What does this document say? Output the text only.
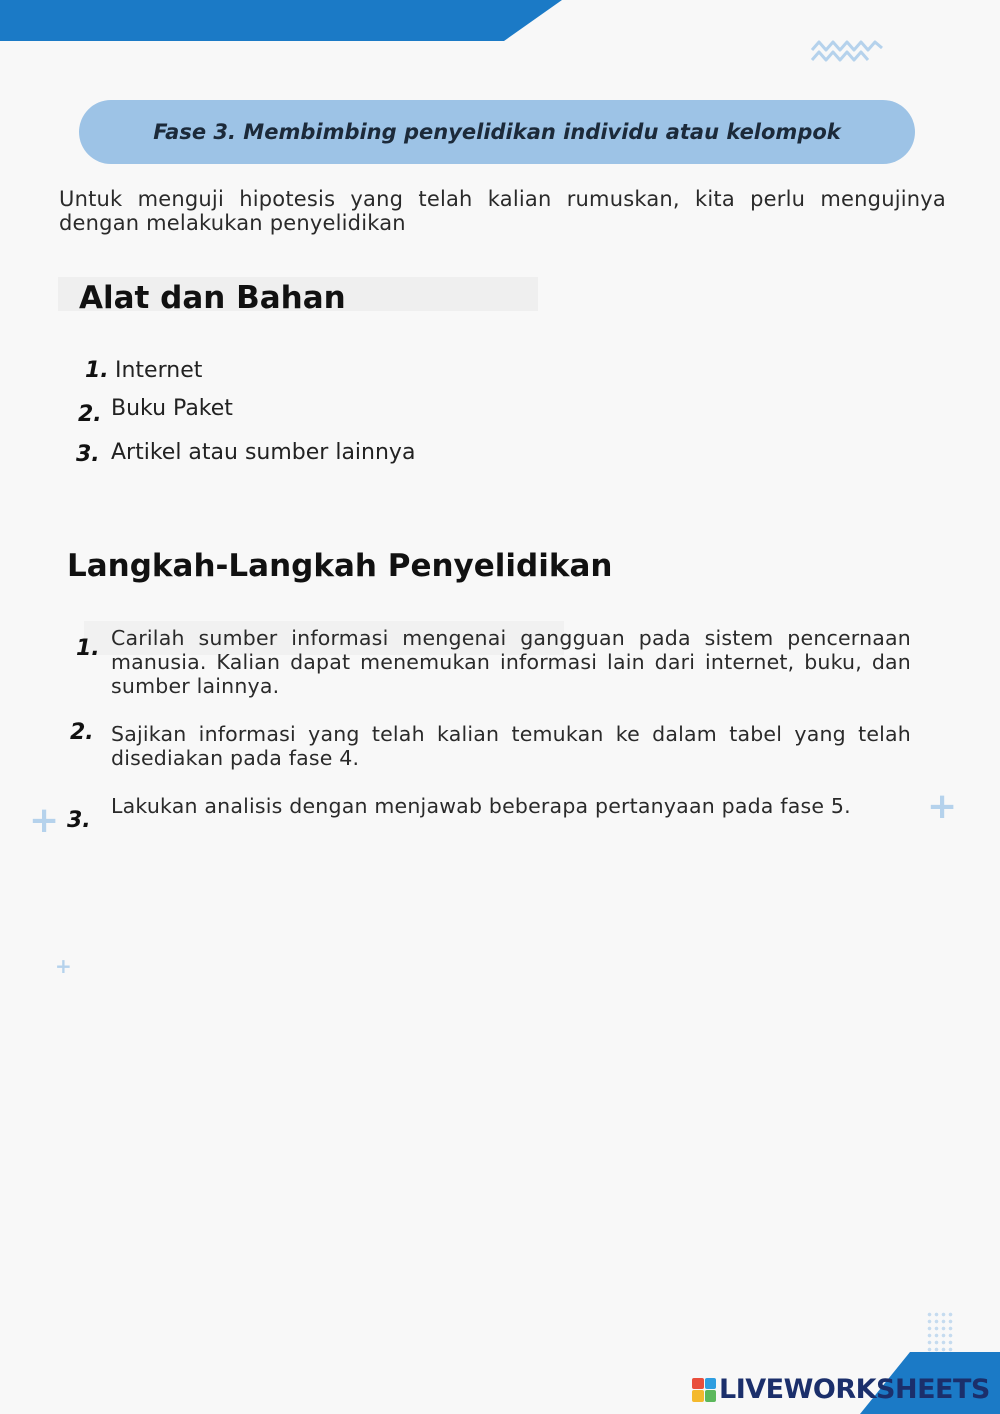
Fase 3. Membimbing penyelidikan individu atau kelompok
Untuk menguji hipotesis yang telah kalian rumuskan, kita perlu mengujinya dengan melakukan penyelidikan
Alat dan Bahan
1. Internet
2. Buku Paket
3. Artikel atau sumber lainnya
Langkah-Langkah Penyelidikan
1. Carilah sumber informasi mengenai gangguan pada sistem pencernaan manusia. Kalian dapat menemukan informasi lain dari internet, buku, dan sumber lainnya.
2. Sajikan informasi yang telah kalian temukan ke dalam tabel yang telah disediakan pada fase 4.
3.
Lakukan analisis dengan menjawab beberapa pertanyaan pada fase 5.
+	+
+
LIVEWORKSHEETS
